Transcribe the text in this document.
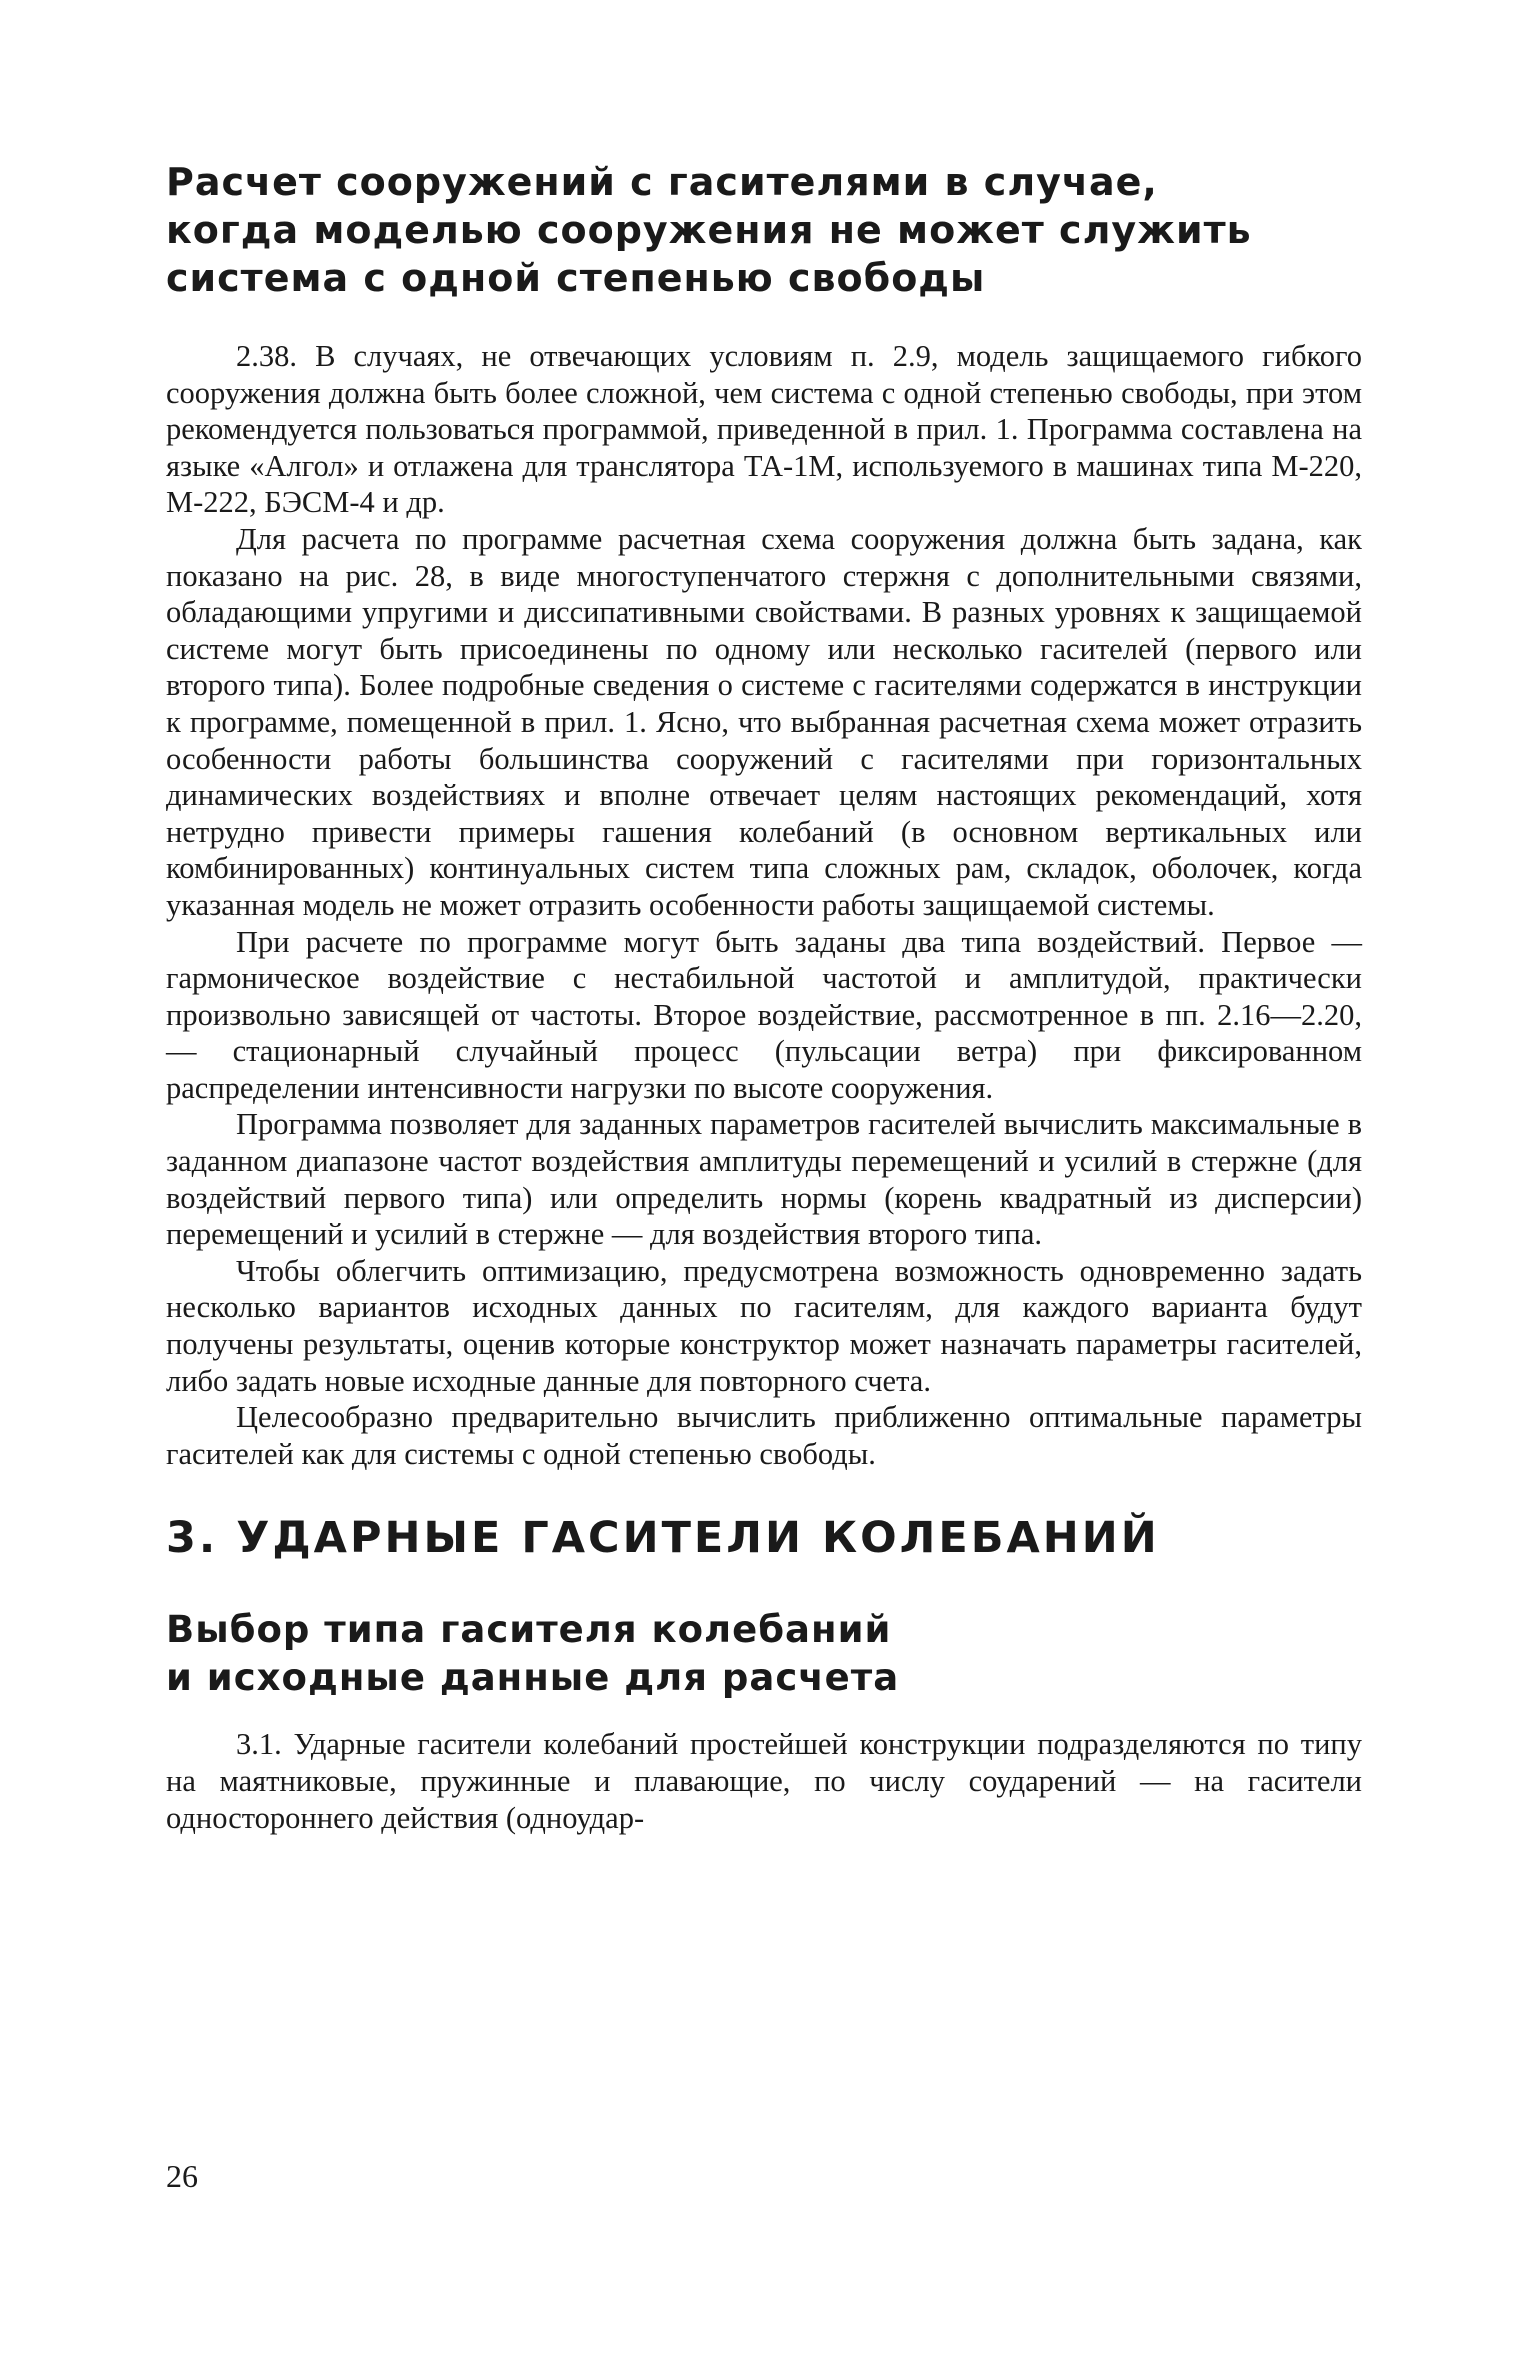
Расчет сооружений с гасителями в случае,
когда моделью сооружения не может служить
система с одной степенью свободы

2.38. В случаях, не отвечающих условиям п. 2.9, модель защищаемого гибкого сооружения должна быть более сложной, чем система с одной степенью свободы, при этом рекомендуется пользоваться программой, приведенной в прил. 1. Программа составлена на языке «Алгол» и отлажена для транслятора ТА-1М, используемого в машинах типа М-220, М-222, БЭСМ-4 и др.

Для расчета по программе расчетная схема сооружения должна быть задана, как показано на рис. 28, в виде многоступенчатого стержня с дополнительными связями, обладающими упругими и диссипативными свойствами. В разных уровнях к защищаемой системе могут быть присоединены по одному или несколько гасителей (первого или второго типа). Более подробные сведения о системе с гасителями содержатся в инструкции к программе, помещенной в прил. 1. Ясно, что выбранная расчетная схема может отразить особенности работы большинства сооружений с гасителями при горизонтальных динамических воздействиях и вполне отвечает целям настоящих рекомендаций, хотя нетрудно привести примеры гашения колебаний (в основном вертикальных или комбинированных) континуальных систем типа сложных рам, складок, оболочек, когда указанная модель не может отразить особенности работы защищаемой системы.

При расчете по программе могут быть заданы два типа воздействий. Первое — гармоническое воздействие с нестабильной частотой и амплитудой, практически произвольно зависящей от частоты. Второе воздействие, рассмотренное в пп. 2.16—2.20, — стационарный случайный процесс (пульсации ветра) при фиксированном распределении интенсивности нагрузки по высоте сооружения.

Программа позволяет для заданных параметров гасителей вычислить максимальные в заданном диапазоне частот воздействия амплитуды перемещений и усилий в стержне (для воздействий первого типа) или определить нормы (корень квадратный из дисперсии) перемещений и усилий в стержне — для воздействия второго типа.

Чтобы облегчить оптимизацию, предусмотрена возможность одновременно задать несколько вариантов исходных данных по гасителям, для каждого варианта будут получены результаты, оценив которые конструктор может назначать параметры гасителей, либо задать новые исходные данные для повторного счета.

Целесообразно предварительно вычислить приближенно оптимальные параметры гасителей как для системы с одной степенью свободы.

3. УДАРНЫЕ ГАСИТЕЛИ КОЛЕБАНИЙ
Выбор типа гасителя колебаний
и исходные данные для расчета

3.1. Ударные гасители колебаний простейшей конструкции подразделяются по типу на маятниковые, пружинные и плавающие, по числу соударений — на гасители одностороннего действия (одноудар-

26
